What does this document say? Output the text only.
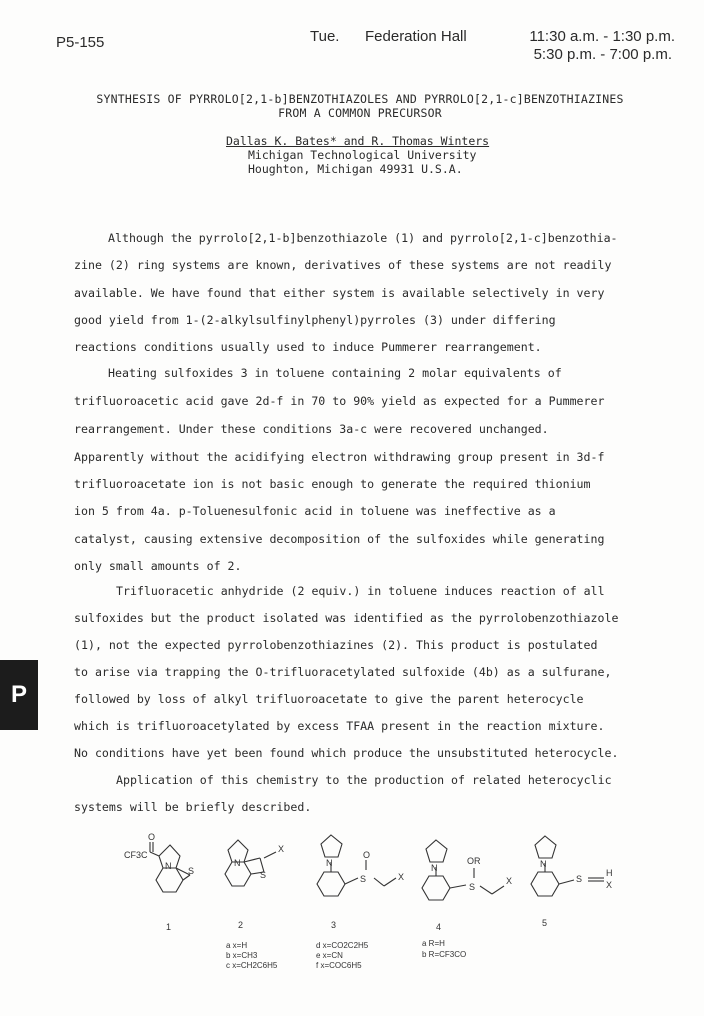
P5-155	Tue.	Federation Hall	11:30 a.m. - 1:30 p.m.
5:30 p.m. - 7:00 p.m.
SYNTHESIS OF PYRROLO[2,1-b]BENZOTHIAZOLES AND PYRROLO[2,1-c]BENZOTHIAZINES
FROM A COMMON PRECURSOR
Dallas K. Bates* and R. Thomas Winters
Michigan Technological University
Houghton, Michigan 49931 U.S.A.
Although the pyrrolo[2,1-b]benzothiazole (1) and pyrrolo[2,1-c]benzothia-
zine (2) ring systems are known, derivatives of these systems are not readily
available. We have found that either system is available selectively in very
good yield from 1-(2-alkylsulfinylphenyl)pyrroles (3) under differing
reactions conditions usually used to induce Pummerer rearrangement.
Heating sulfoxides 3 in toluene containing 2 molar equivalents of
trifluoroacetic acid gave 2d-f in 70 to 90% yield as expected for a Pummerer
rearrangement. Under these conditions 3a-c were recovered unchanged.
Apparently without the acidifying electron withdrawing group present in 3d-f
trifluoroacetate ion is not basic enough to generate the required thionium
ion 5 from 4a. p-Toluenesulfonic acid in toluene was ineffective as a
catalyst, causing extensive decomposition of the sulfoxides while generating
only small amounts of 2.
Trifluoracetic anhydride (2 equiv.) in toluene induces reaction of all
sulfoxides but the product isolated was identified as the pyrrolobenzothiazole
(1), not the expected pyrrolobenzothiazines (2). This product is postulated
to arise via trapping the O-trifluoracetylated sulfoxide (4b) as a sulfurane,
followed by loss of alkyl trifluoroacetate to give the parent heterocycle
which is trifluoroacetylated by excess TFAA present in the reaction mixture.
No conditions have yet been found which produce the unsubstituted heterocycle.
Application of this chemistry to the production of related heterocyclic
systems will be briefly described.
P
CF3C
O
N S
N
S
X
N
S
O
X
N
S
OR
X
N
S
H
X
1	2	3	4	5
a x=H
b x=CH3
c x=CH2C6H5
d x=CO2C2H5
e x=CN
f x=COC6H5
a R=H
b R=CF3CO
